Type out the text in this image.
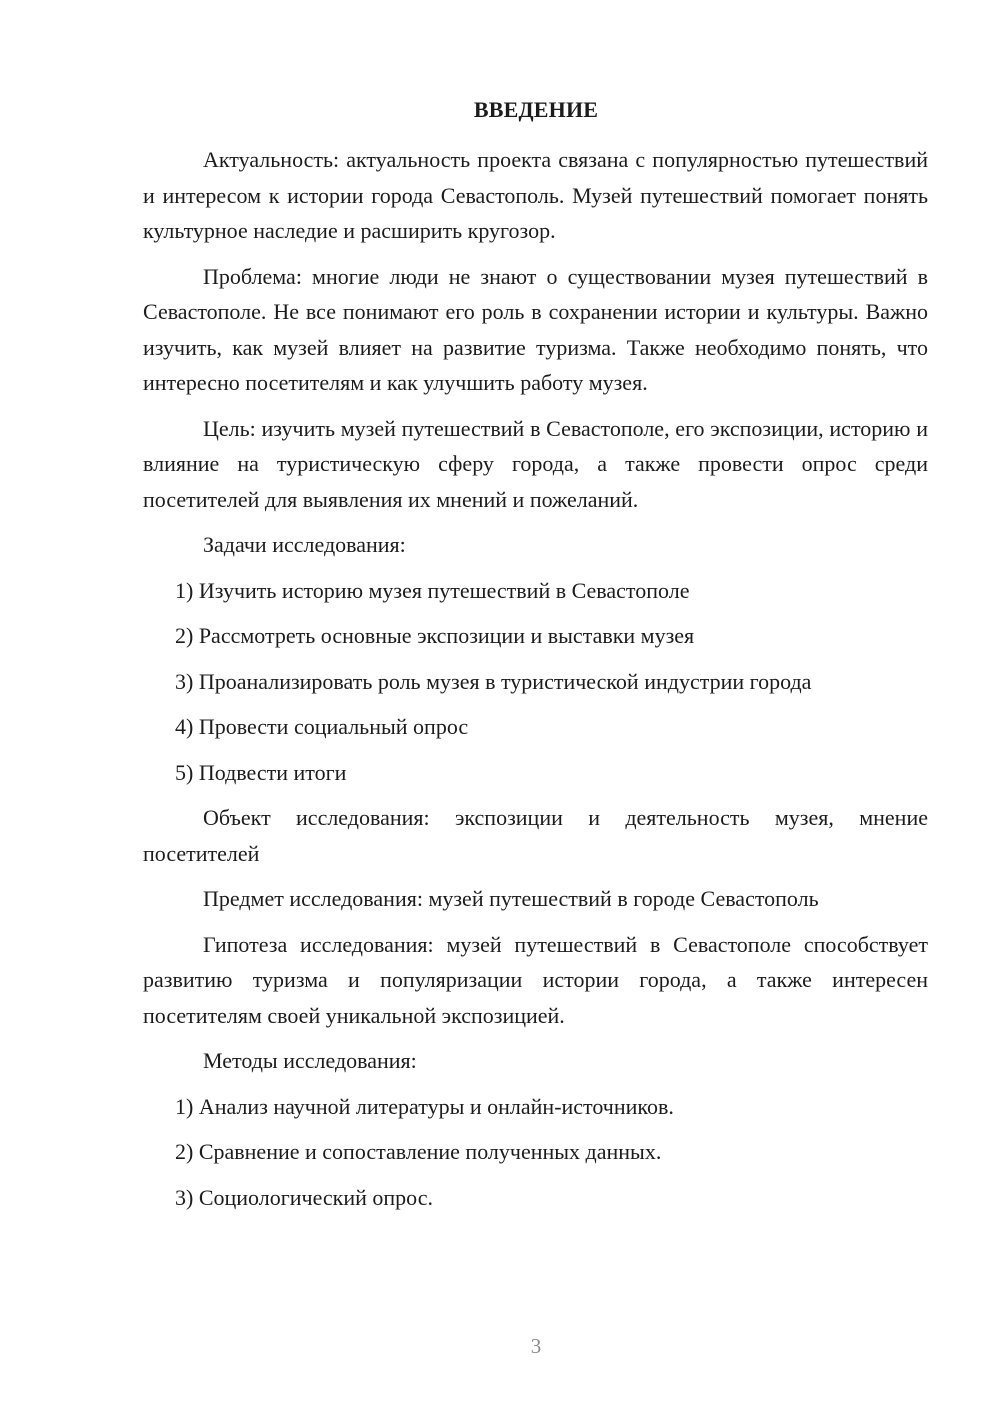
ВВЕДЕНИЕ

Актуальность: актуальность проекта связана с популярностью путешествий и интересом к истории города Севастополь. Музей путешествий помогает понять культурное наследие и расширить кругозор.

Проблема: многие люди не знают о существовании музея путешествий в Севастополе. Не все понимают его роль в сохранении истории и культуры. Важно изучить, как музей влияет на развитие туризма. Также необходимо понять, что интересно посетителям и как улучшить работу музея.

Цель: изучить музей путешествий в Севастополе, его экспозиции, историю и влияние на туристическую сферу города, а также провести опрос среди посетителей для выявления их мнений и пожеланий.

Задачи исследования:

1) Изучить историю музея путешествий в Севастополе

2) Рассмотреть основные экспозиции и выставки музея

3) Проанализировать роль музея в туристической индустрии города

4) Провести социальный опрос

5) Подвести итоги

Объект исследования: экспозиции и деятельность музея, мнение посетителей

Предмет исследования: музей путешествий в городе Севастополь

Гипотеза исследования: музей путешествий в Севастополе способствует развитию туризма и популяризации истории города, а также интересен посетителям своей уникальной экспозицией.

Методы исследования:

1) Анализ научной литературы и онлайн-источников.

2) Сравнение и сопоставление полученных данных.

3) Социологический опрос.

3
